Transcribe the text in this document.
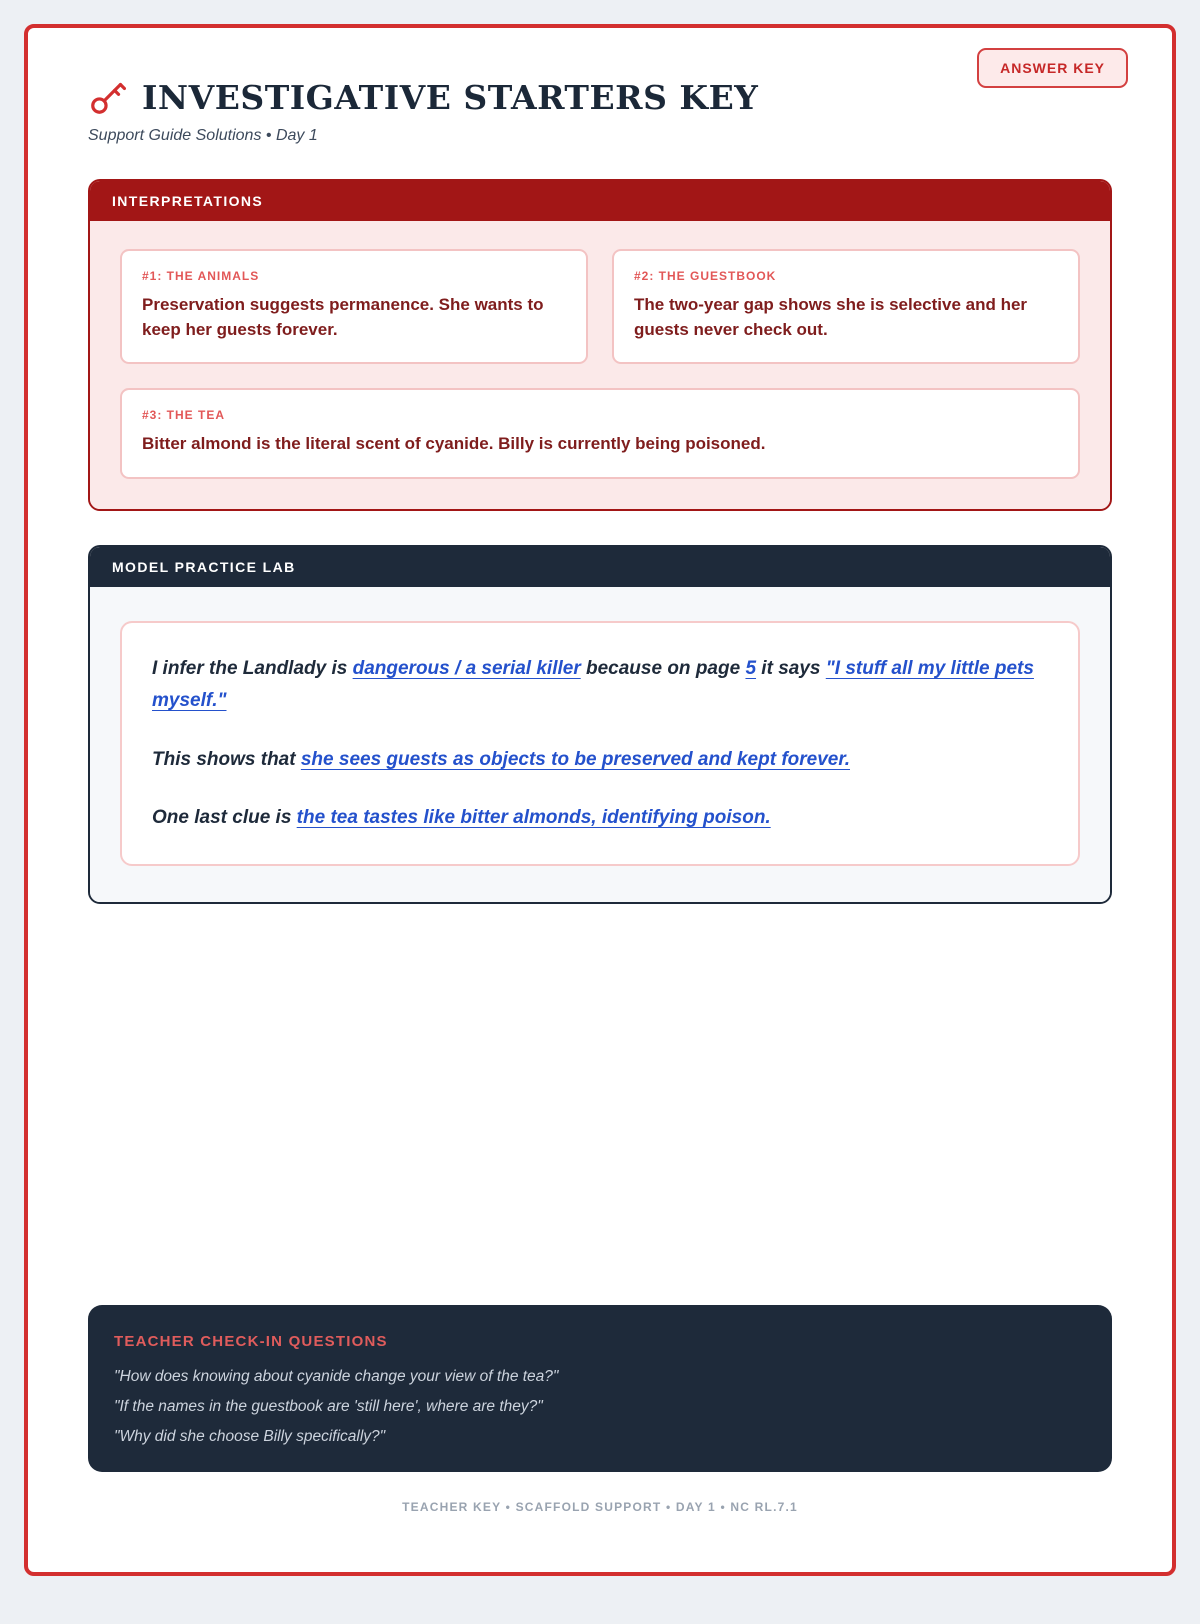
ANSWER KEY
INVESTIGATIVE STARTERS KEY
Support Guide Solutions • Day 1
INTERPRETATIONS
#1: THE ANIMALS
Preservation suggests permanence. She wants to keep her guests forever.
#2: THE GUESTBOOK
The two-year gap shows she is selective and her guests never check out.
#3: THE TEA
Bitter almond is the literal scent of cyanide. Billy is currently being poisoned.
MODEL PRACTICE LAB

I infer the Landlady is dangerous / a serial killer because on page 5 it says "I stuff all my little pets myself."

This shows that she sees guests as objects to be preserved and kept forever.

One last clue is the tea tastes like bitter almonds, identifying poison.

TEACHER CHECK-IN QUESTIONS

"How does knowing about cyanide change your view of the tea?"

"If the names in the guestbook are 'still here', where are they?"

"Why did she choose Billy specifically?"

TEACHER KEY • SCAFFOLD SUPPORT • DAY 1 • NC RL.7.1
